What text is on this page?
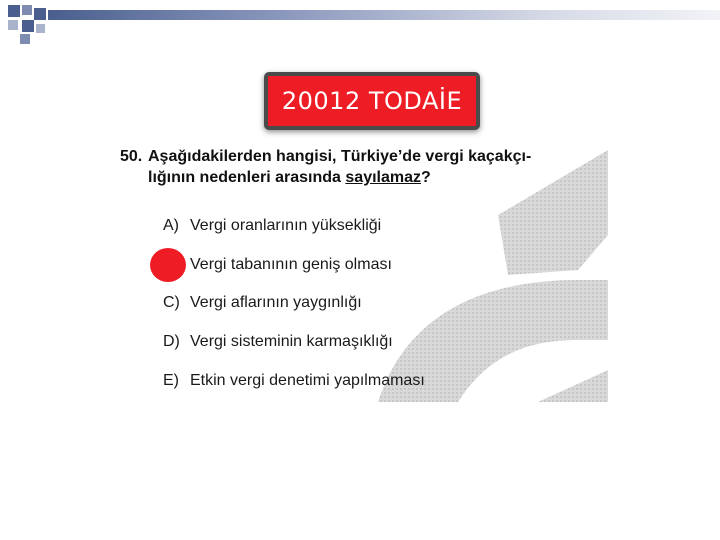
20012 TODAİE
50. Aşağıdakilerden hangisi, Türkiye’de vergi kaçakçı-
lığının nedenleri arasında sayılamaz?
A) Vergi oranlarının yüksekliği
Vergi tabanının geniş olması
C) Vergi aflarının yaygınlığı
D) Vergi sisteminin karmaşıklığı
E) Etkin vergi denetimi yapılmaması
